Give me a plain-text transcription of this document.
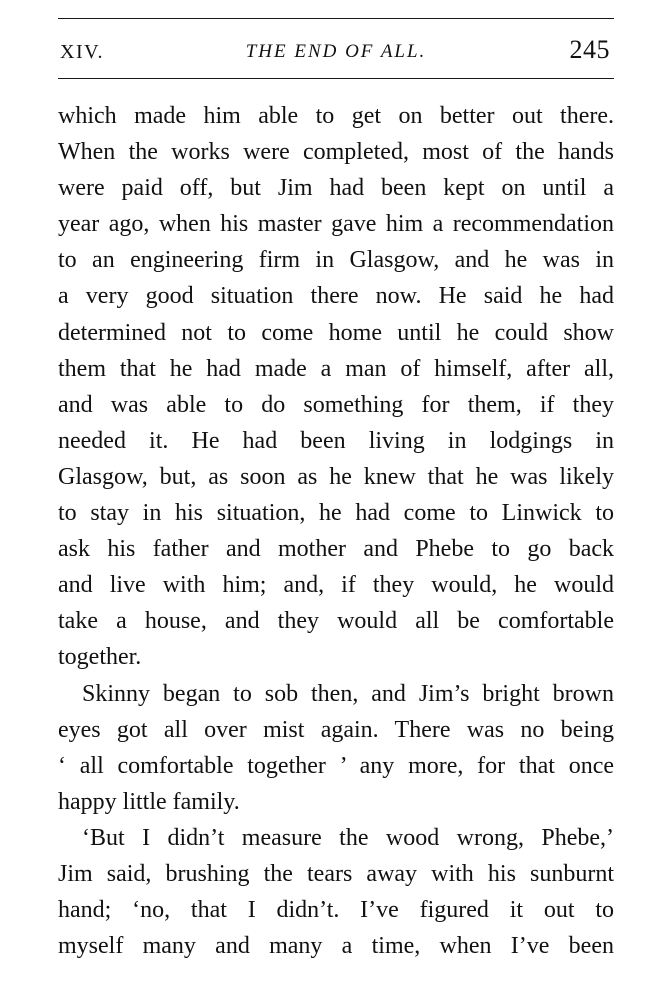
XIV.	THE END OF ALL.	245
which made him able to get on better out there.
When the works were completed, most of the hands
were paid off, but Jim had been kept on until a
year ago, when his master gave him a recommendation
to an engineering firm in Glasgow, and he was in
a very good situation there now. He said he had
determined not to come home until he could show
them that he had made a man of himself, after all,
and was able to do something for them, if they
needed it. He had been living in lodgings in
Glasgow, but, as soon as he knew that he was likely
to stay in his situation, he had come to Linwick to
ask his father and mother and Phebe to go back
and live with him; and, if they would, he would
take a house, and they would all be comfortable
together.
Skinny began to sob then, and Jim’s bright brown
eyes got all over mist again. There was no being
‘ all comfortable together ’ any more, for that once
happy little family.
‘But I didn’t measure the wood wrong, Phebe,’
Jim said, brushing the tears away with his sunburnt
hand; ‘no, that I didn’t. I’ve figured it out to
myself many and many a time, when I’ve been
